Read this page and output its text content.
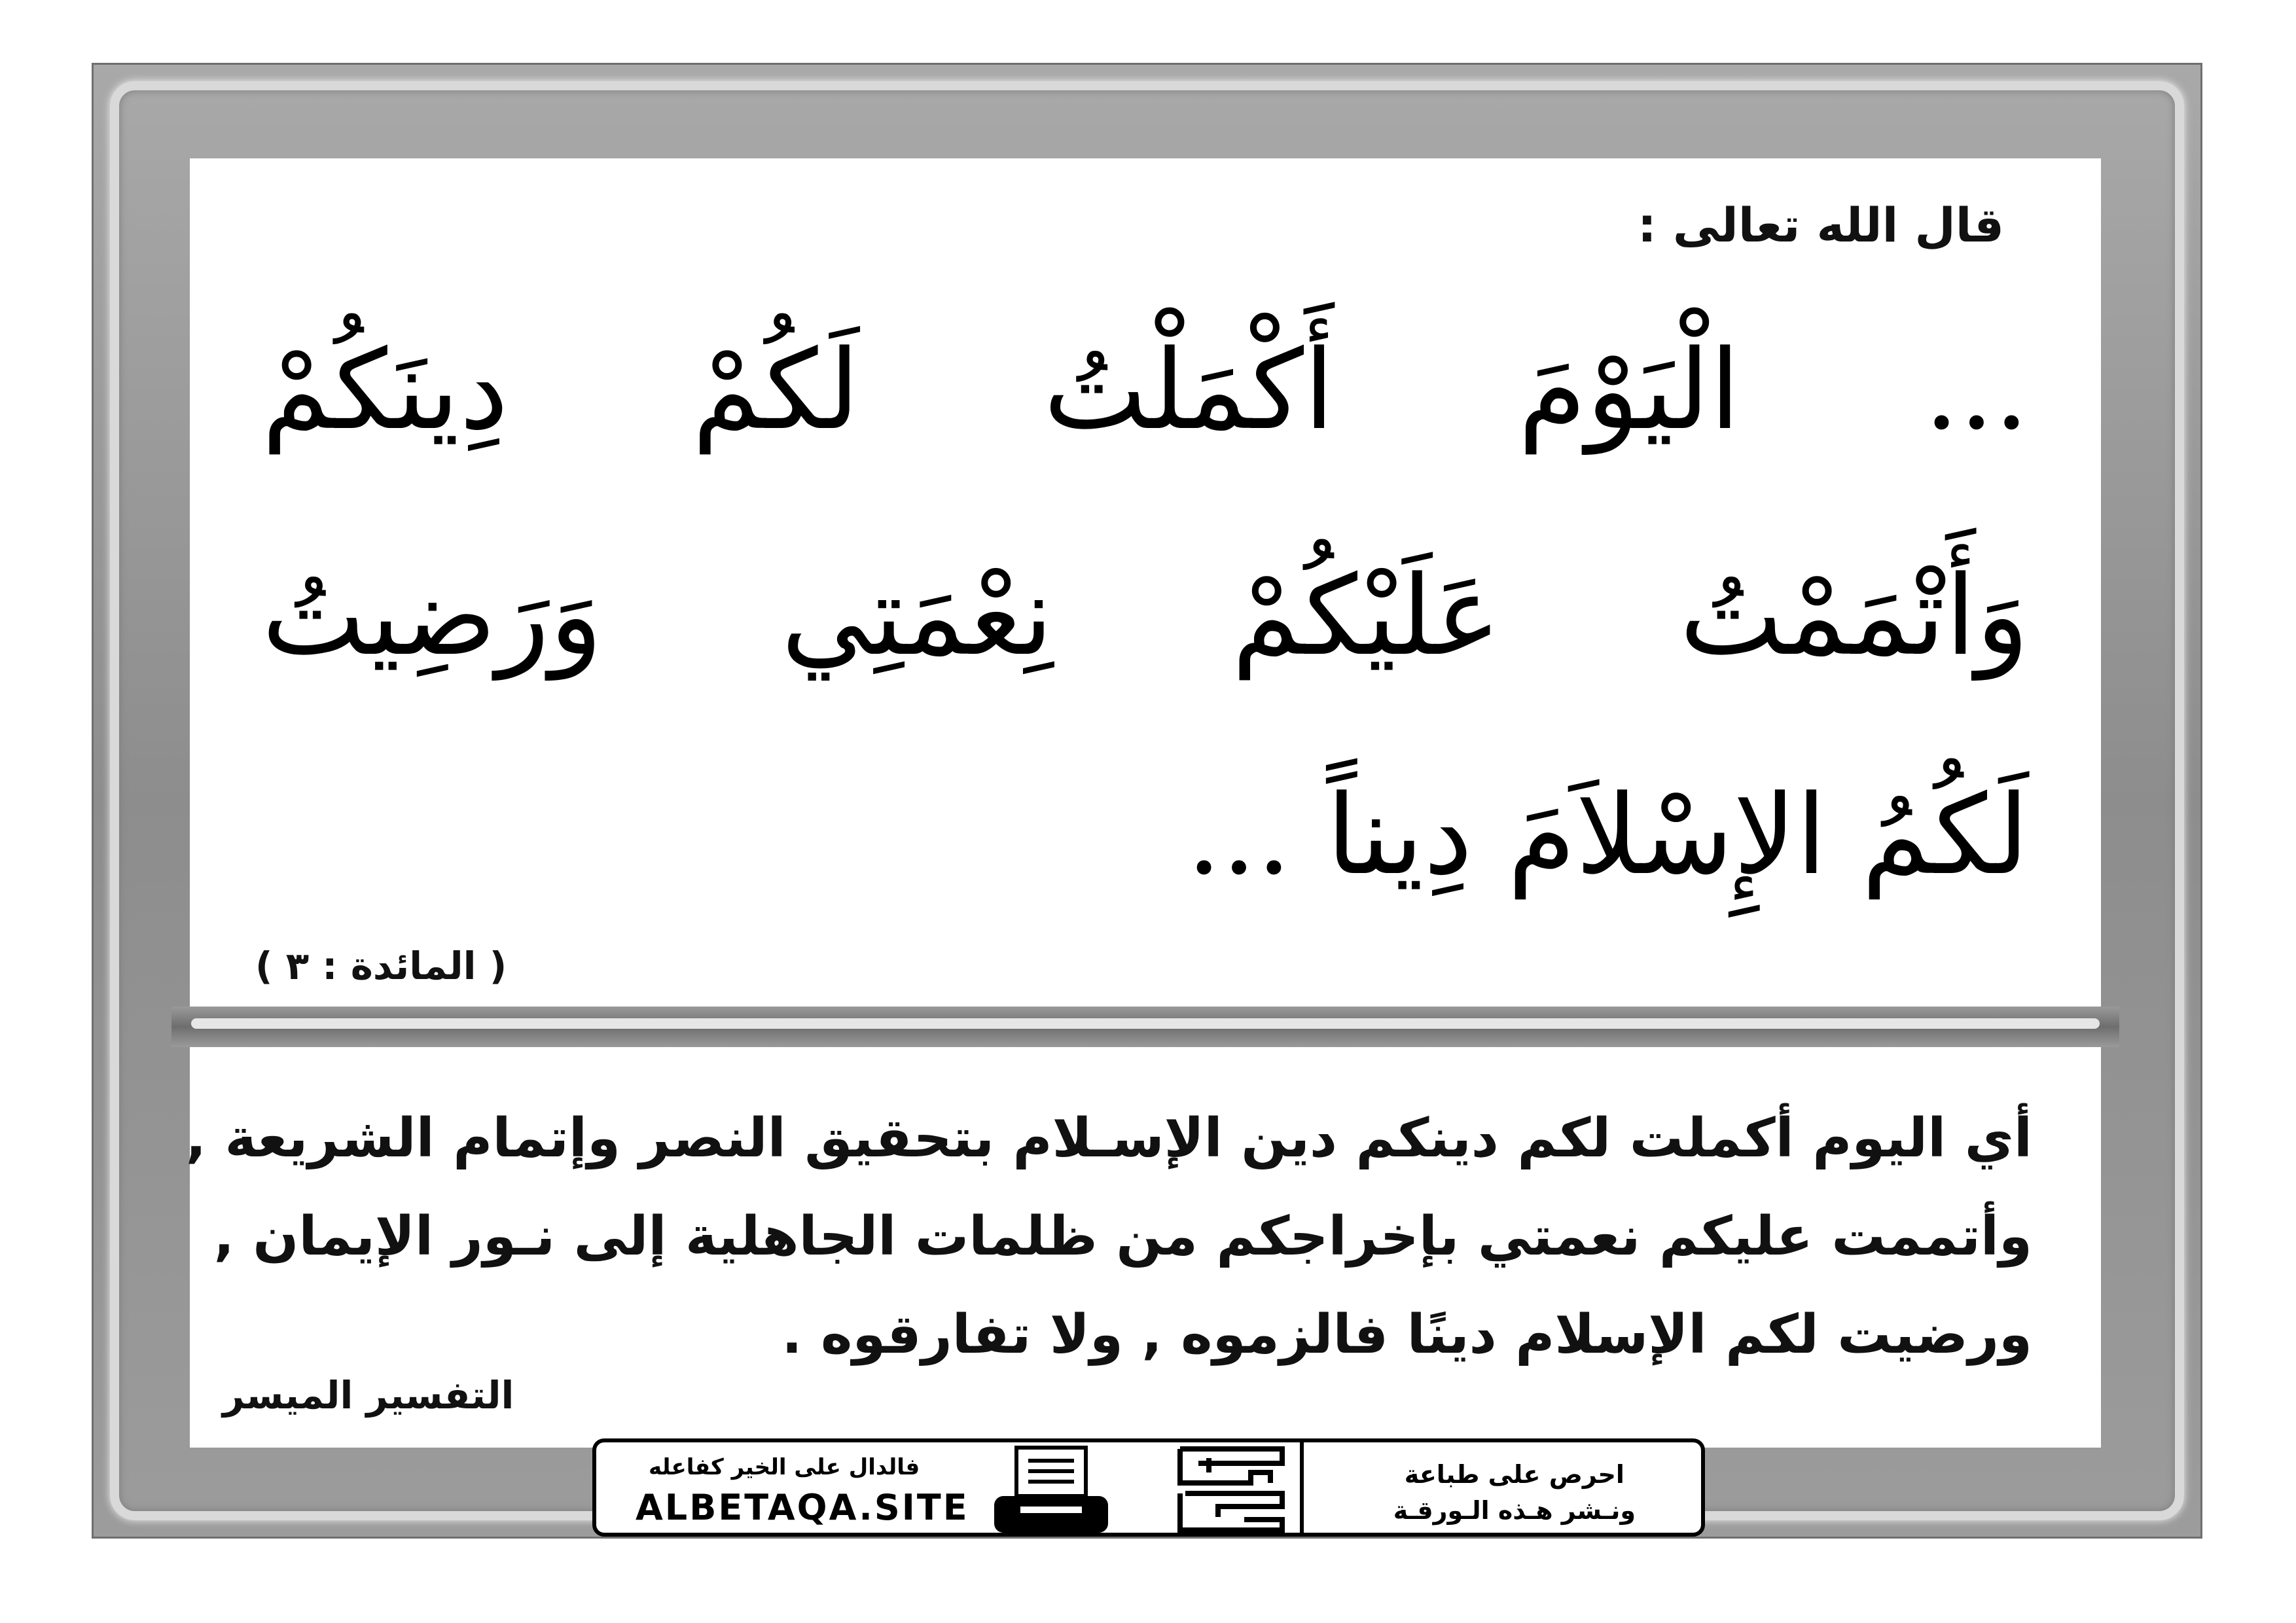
قال الله تعالى :
... الْيَوْمَ أَكْمَلْتُ لَكُمْ دِينَكُمْ
وَأَتْمَمْتُ عَلَيْكُمْ نِعْمَتِي وَرَضِيتُ
لَكُمُ الإِسْلاَمَ دِيناً ...
( المائدة : ٣ )
أي اليوم أكملت لكم دينكم دين الإسـلام بتحقيق النصر وإتمام الشريعة ,
وأتممت عليكم نعمتي بإخراجكم من ظلمات الجاهلية إلى نـور الإيمان ,
ورضيت لكم الإسلام دينًا فالزموه , ولا تفارقوه .
التفسير الميسر
فالدال على الخير كفاعله
ALBETAQA.SITE
احرص على طباعة
ونـشر هـذه الـورقـة
